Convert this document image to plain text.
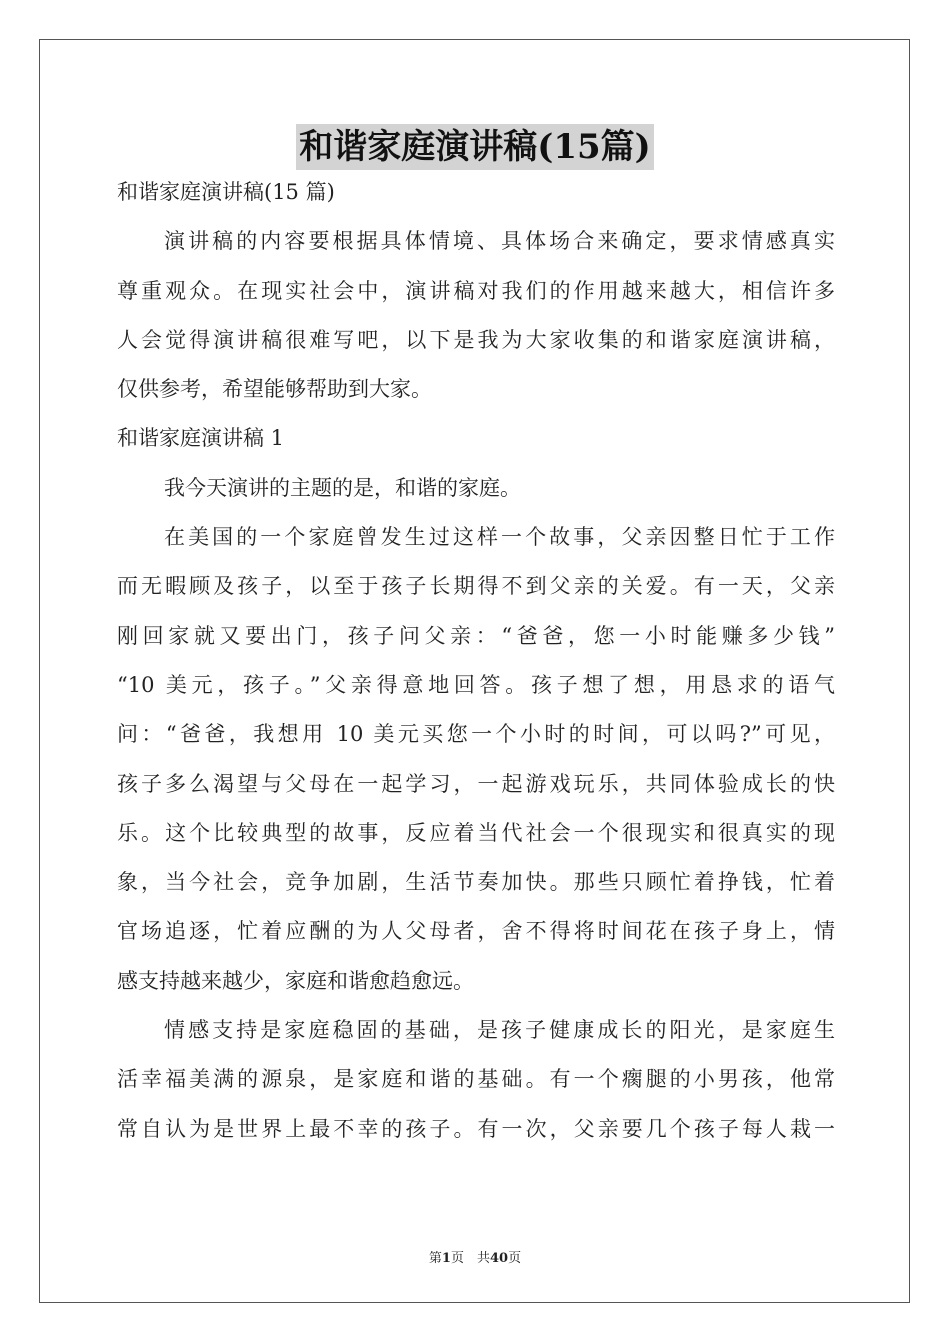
和谐家庭演讲稿(15篇)
和谐家庭演讲稿(15 篇)
演讲稿的内容要根据具体情境、具体场合来确定，要求情感真实
尊重观众。在现实社会中，演讲稿对我们的作用越来越大，相信许多
人会觉得演讲稿很难写吧，以下是我为大家收集的和谐家庭演讲稿，
仅供参考，希望能够帮助到大家。
和谐家庭演讲稿 1
我今天演讲的主题的是，和谐的家庭。
在美国的一个家庭曾发生过这样一个故事，父亲因整日忙于工作
而无暇顾及孩子，以至于孩子长期得不到父亲的关爱。有一天，父亲
刚回家就又要出门，孩子问父亲：“爸爸，您一小时能赚多少钱”
“10 美元，孩子。”父亲得意地回答。孩子想了想，用恳求的语气
问：“爸爸，我想用 10 美元买您一个小时的时间，可以吗?”可见，
孩子多么渴望与父母在一起学习，一起游戏玩乐，共同体验成长的快
乐。这个比较典型的故事，反应着当代社会一个很现实和很真实的现
象，当今社会，竞争加剧，生活节奏加快。那些只顾忙着挣钱，忙着
官场追逐，忙着应酬的为人父母者，舍不得将时间花在孩子身上，情
感支持越来越少，家庭和谐愈趋愈远。
情感支持是家庭稳固的基础，是孩子健康成长的阳光，是家庭生
活幸福美满的源泉，是家庭和谐的基础。有一个瘸腿的小男孩，他常
常自认为是世界上最不幸的孩子。有一次，父亲要几个孩子每人栽一
第1页　共40页
